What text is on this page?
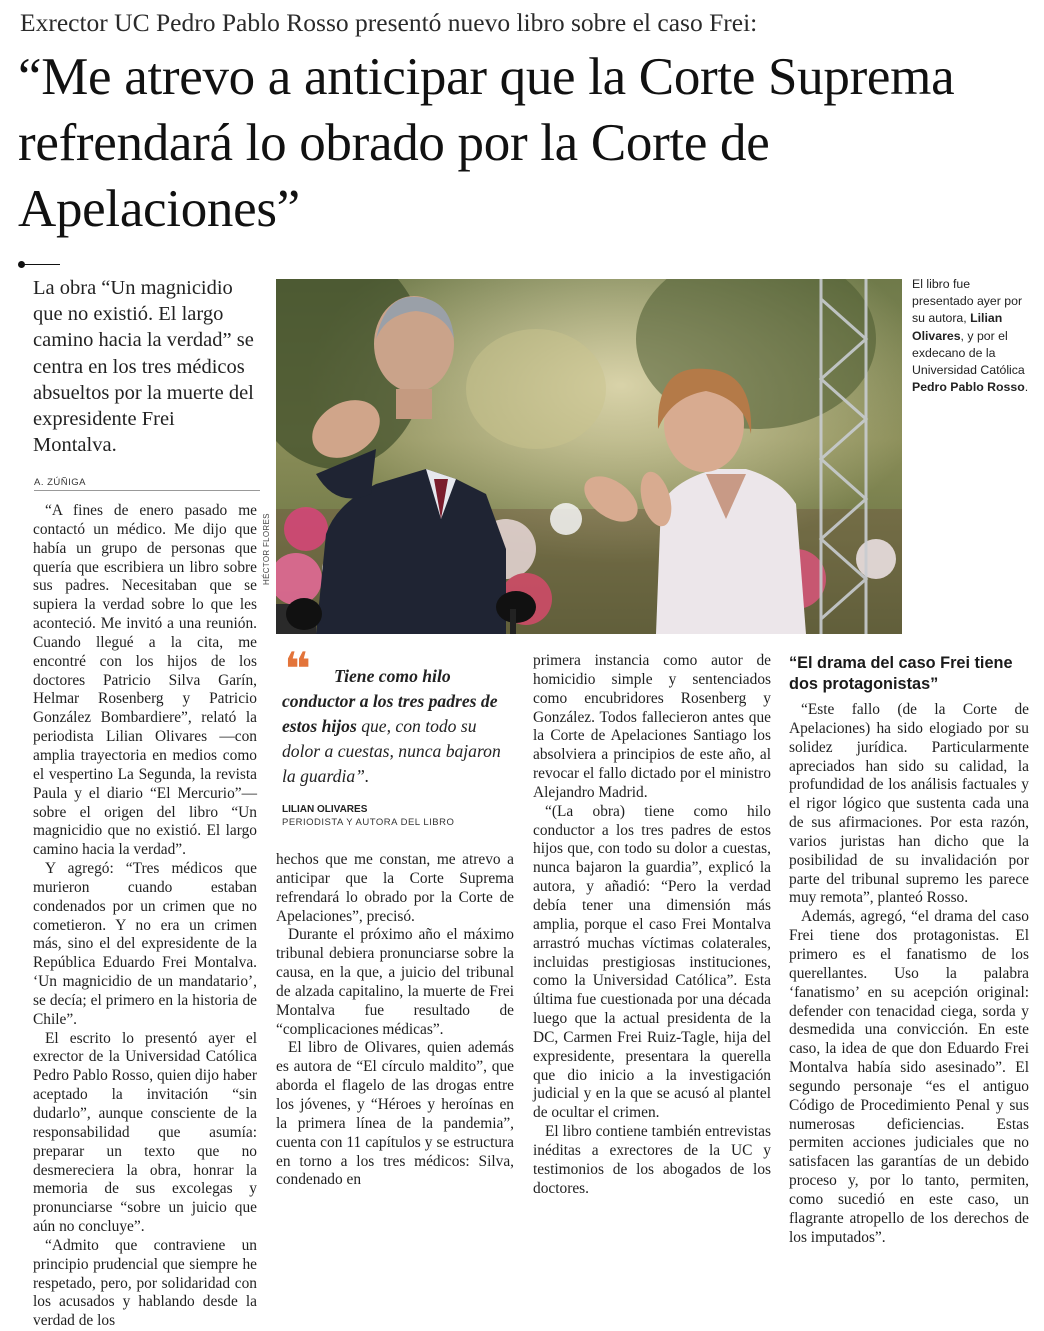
Exrector UC Pedro Pablo Rosso presentó nuevo libro sobre el caso Frei:
“Me atrevo a anticipar que la Corte Suprema refrendará lo obrado por la Corte de Apelaciones”
La obra “Un magnicidio que no existió. El largo camino hacia la verdad” se centra en los tres médicos absueltos por la muerte del expresidente Frei Montalva.
A. ZÚÑIGA
HÉCTOR FLORES
El libro fue presentado ayer por su autora, Lilian Olivares, y por el exdecano de la Universidad Católica Pedro Pablo Rosso.

“A fines de enero pasado me contactó un médico. Me dijo que había un grupo de personas que quería que escribiera un libro sobre sus padres. Necesitaban que se supiera la verdad sobre lo que les aconteció. Me invitó a una reunión. Cuando llegué a la cita, me encontré con los hijos de los doctores Patricio Silva Garín, Helmar Rosenberg y Patricio González Bombardiere”, relató la periodista Lilian Olivares —con amplia trayectoria en medios como el vespertino La Segunda, la revista Paula y el diario “El Mercurio”— sobre el origen del libro “Un magnicidio que no existió. El largo camino hacia la verdad”.

Y agregó: “Tres médicos que murieron cuando estaban condenados por un crimen que no cometieron. Y no era un crimen más, sino el del expresidente de la República Eduardo Frei Montalva. ‘Un magnicidio de un mandatario’, se decía; el primero en la historia de Chile”.

El escrito lo presentó ayer el exrector de la Universidad Católica Pedro Pablo Rosso, quien dijo haber aceptado la invitación “sin dudarlo”, aunque consciente de la responsabilidad que asumía: preparar un texto que no desmereciera la obra, honrar la memoria de sus excolegas y pronunciarse “sobre un juicio que aún no concluye”.

“Admito que contraviene un principio prudencial que siempre he respetado, pero, por solidaridad con los acusados y hablando desde la verdad de los

❝	Tiene como hilo conductor a los tres padres de estos hijos que, con todo su dolor a cuestas, nunca bajaron la guardia”.
LILIAN OLIVARES
PERIODISTA Y AUTORA DEL LIBRO

hechos que me constan, me atrevo a anticipar que la Corte Suprema refrendará lo obrado por la Corte de Apelaciones”, precisó.

Durante el próximo año el máximo tribunal debiera pronunciarse sobre la causa, en la que, a juicio del tribunal de alzada capitalino, la muerte de Frei Montalva fue resultado de “complicaciones médicas”.

El libro de Olivares, quien además es autora de “El círculo maldito”, que aborda el flagelo de las drogas entre los jóvenes, y “Héroes y heroínas en la primera línea de la pandemia”, cuenta con 11 capítulos y se estructura en torno a los tres médicos: Silva, condenado en

primera instancia como autor de homicidio simple y sentenciados como encubridores Rosenberg y González. Todos fallecieron antes que la Corte de Apelaciones Santiago los absolviera a principios de este año, al revocar el fallo dictado por el ministro Alejandro Madrid.

“(La obra) tiene como hilo conductor a los tres padres de estos hijos que, con todo su dolor a cuestas, nunca bajaron la guardia”, explicó la autora, y añadió: “Pero la verdad debía tener una dimensión más amplia, porque el caso Frei Montalva arrastró muchas víctimas colaterales, incluidas prestigiosas instituciones, como la Universidad Católica”. Esta última fue cuestionada por una década luego que la actual presidenta de la DC, Carmen Frei Ruiz-Tagle, hija del expresidente, presentara la querella que dio inicio a la investigación judicial y en la que se acusó al plantel de ocultar el crimen.

El libro contiene también entrevistas inéditas a exrectores de la UC y testimonios de los abogados de los doctores.

“El drama del caso Frei tiene dos protagonistas”

“Este fallo (de la Corte de Apelaciones) ha sido elogiado por su solidez jurídica. Particularmente apreciados han sido su calidad, la profundidad de los análisis factuales y el rigor lógico que sustenta cada una de sus afirmaciones. Por esta razón, varios juristas han dicho que la posibilidad de su invalidación por parte del tribunal supremo les parece muy remota”, planteó Rosso.

Además, agregó, “el drama del caso Frei tiene dos protagonistas. El primero es el fanatismo de los querellantes. Uso la palabra ‘fanatismo’ en su acepción original: defender con tenacidad ciega, sorda y desmedida una convicción. En este caso, la idea de que don Eduardo Frei Montalva había sido asesinado”. El segundo personaje “es el antiguo Código de Procedimiento Penal y sus numerosas deficiencias. Estas permiten acciones judiciales que no satisfacen las garantías de un debido proceso y, por lo tanto, permiten, como sucedió en este caso, un flagrante atropello de los derechos de los imputados”.
